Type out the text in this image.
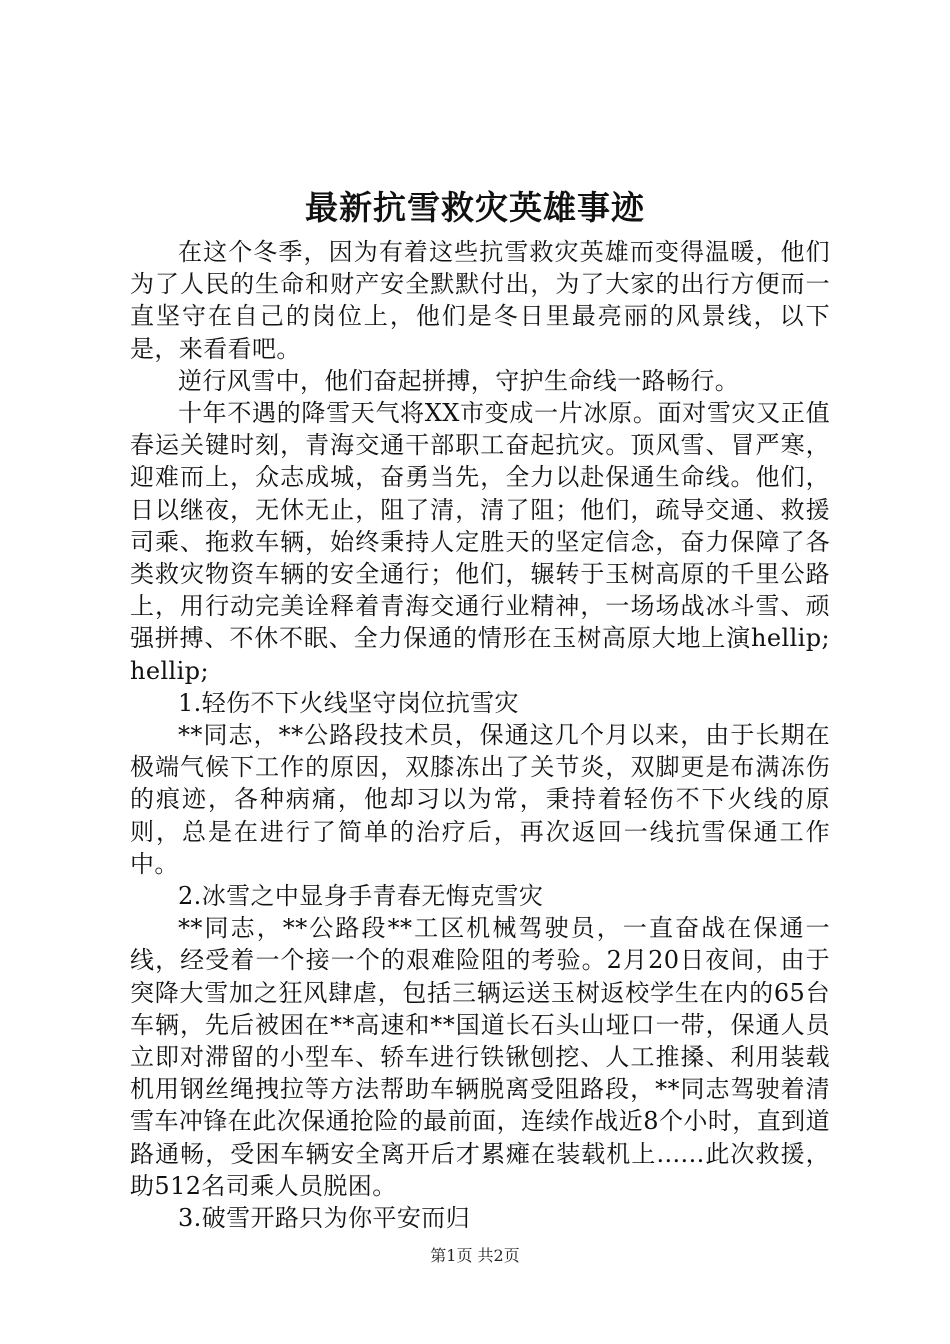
最新抗雪救灾英雄事迹

在这个冬季，因为有着这些抗雪救灾英雄而变得温暖，他们为了人民的生命和财产安全默默付出，为了大家的出行方便而一直坚守在自己的岗位上，他们是冬日里最亮丽的风景线，以下是，来看看吧。

逆行风雪中，他们奋起拼搏，守护生命线一路畅行。

十年不遇的降雪天气将XX市变成一片冰原。面对雪灾又正值春运关键时刻，青海交通干部职工奋起抗灾。顶风雪、冒严寒，迎难而上，众志成城，奋勇当先，全力以赴保通生命线。他们，日以继夜，无休无止，阻了清，清了阻；他们，疏导交通、救援司乘、拖救车辆，始终秉持人定胜天的坚定信念，奋力保障了各类救灾物资车辆的安全通行；他们，辗转于玉树高原的千里公路上，用行动完美诠释着青海交通行业精神，一场场战冰斗雪、顽强拼搏、不休不眠、全力保通的情形在玉树高原大地上演hellip;hellip;

1.轻伤不下火线坚守岗位抗雪灾

**同志，**公路段技术员，保通这几个月以来，由于长期在极端气候下工作的原因，双膝冻出了关节炎，双脚更是布满冻伤的痕迹，各种病痛，他却习以为常，秉持着轻伤不下火线的原则，总是在进行了简单的治疗后，再次返回一线抗雪保通工作中。

2.冰雪之中显身手青春无悔克雪灾

**同志，**公路段**工区机械驾驶员，一直奋战在保通一线，经受着一个接一个的艰难险阻的考验。2月20日夜间，由于突降大雪加之狂风肆虐，包括三辆运送玉树返校学生在内的65台车辆，先后被困在**高速和**国道长石头山垭口一带，保通人员立即对滞留的小型车、轿车进行铁锹刨挖、人工推搡、利用装载机用钢丝绳拽拉等方法帮助车辆脱离受阻路段，**同志驾驶着清雪车冲锋在此次保通抢险的最前面，连续作战近8个小时，直到道路通畅，受困车辆安全离开后才累瘫在装载机上......此次救援，助512名司乘人员脱困。

3.破雪开路只为你平安而归

第1页 共2页
